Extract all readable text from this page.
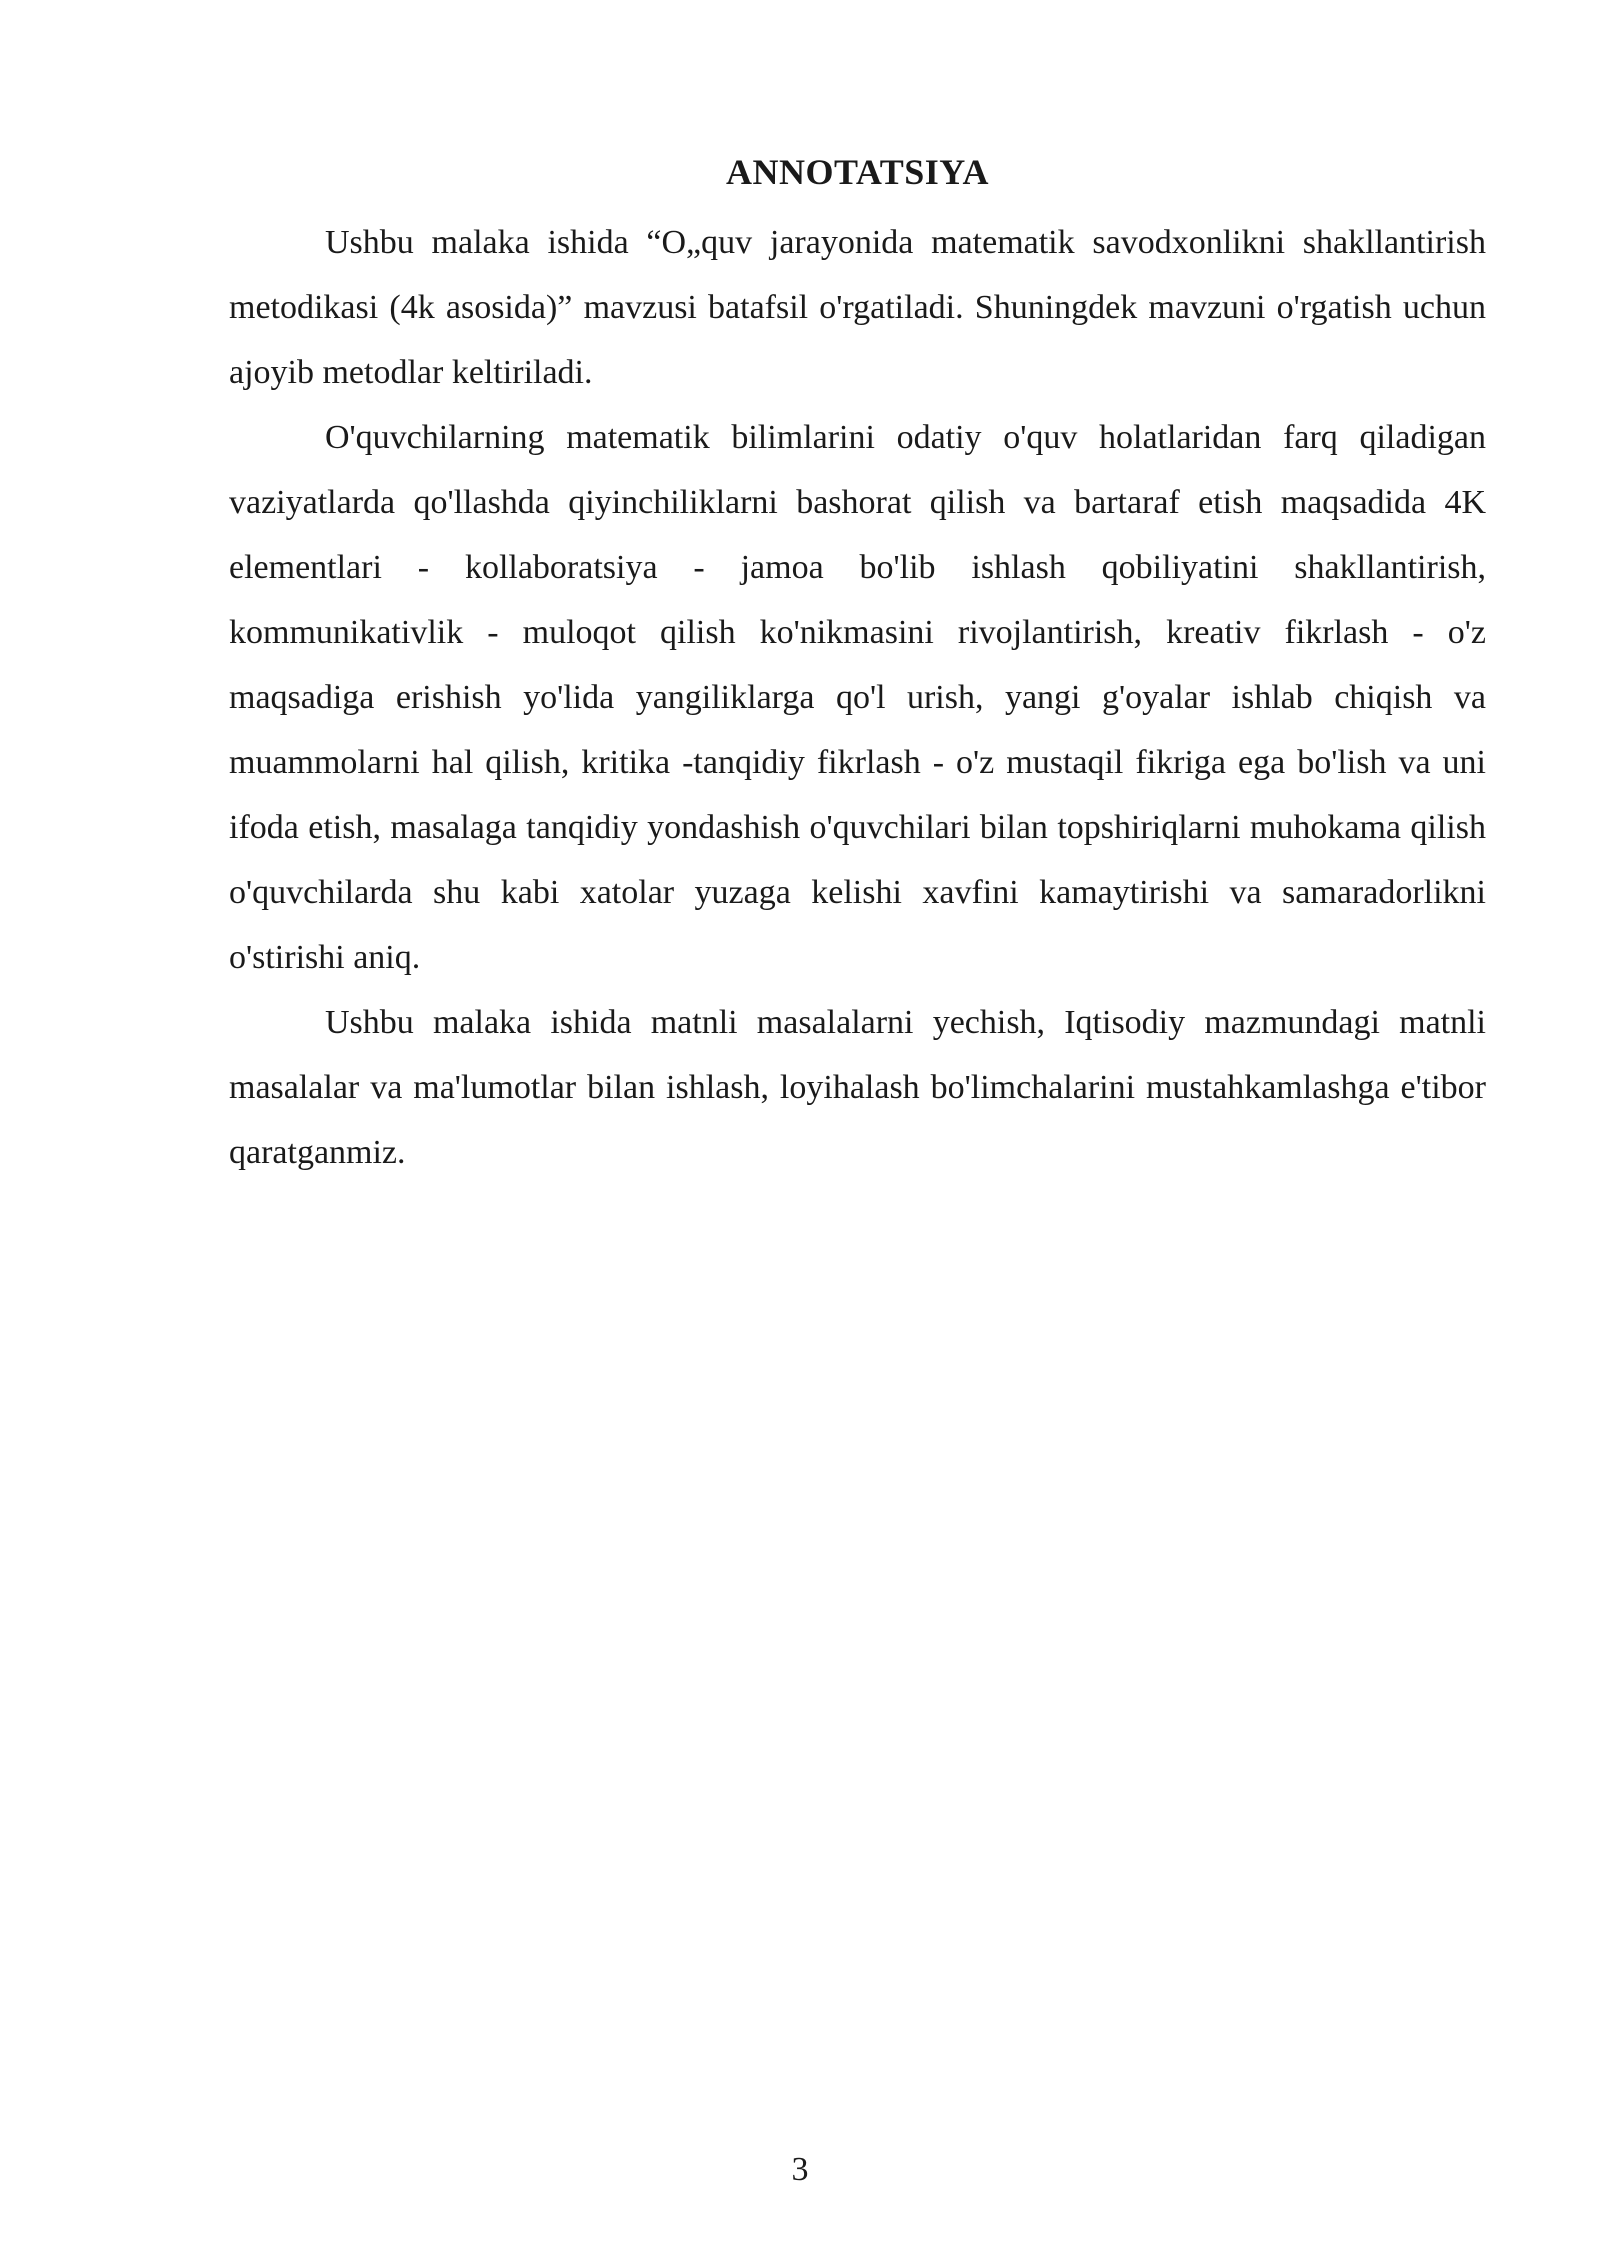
ANNOTATSIYA

Ushbu malaka ishida “O„quv jarayonida matematik savodxonlikni shakllantirish metodikasi (4k asosida)” mavzusi batafsil o'rgatiladi. Shuningdek mavzuni o'rgatish uchun ajoyib metodlar keltiriladi.

O'quvchilarning matematik bilimlarini odatiy o'quv holatlaridan farq qiladigan vaziyatlarda qo'llashda qiyinchiliklarni bashorat qilish va bartaraf etish maqsadida 4K elementlari - kollaboratsiya - jamoa bo'lib ishlash qobiliyatini shakllantirish, kommunikativlik - muloqot qilish ko'nikmasini rivojlantirish, kreativ fikrlash - o'z maqsadiga erishish yo'lida yangiliklarga qo'l urish, yangi g'oyalar ishlab chiqish va muammolarni hal qilish, kritika -tanqidiy fikrlash - o'z mustaqil fikriga ega bo'lish va uni ifoda etish, masalaga tanqidiy yondashish o'quvchilari bilan topshiriqlarni muhokama qilish o'quvchilarda shu kabi xatolar yuzaga kelishi xavfini kamaytirishi va samaradorlikni o'stirishi aniq.

Ushbu malaka ishida matnli masalalarni yechish, Iqtisodiy mazmundagi matnli masalalar va ma'lumotlar bilan ishlash, loyihalash bo'limchalarini mustahkamlashga e'tibor qaratganmiz.

3
